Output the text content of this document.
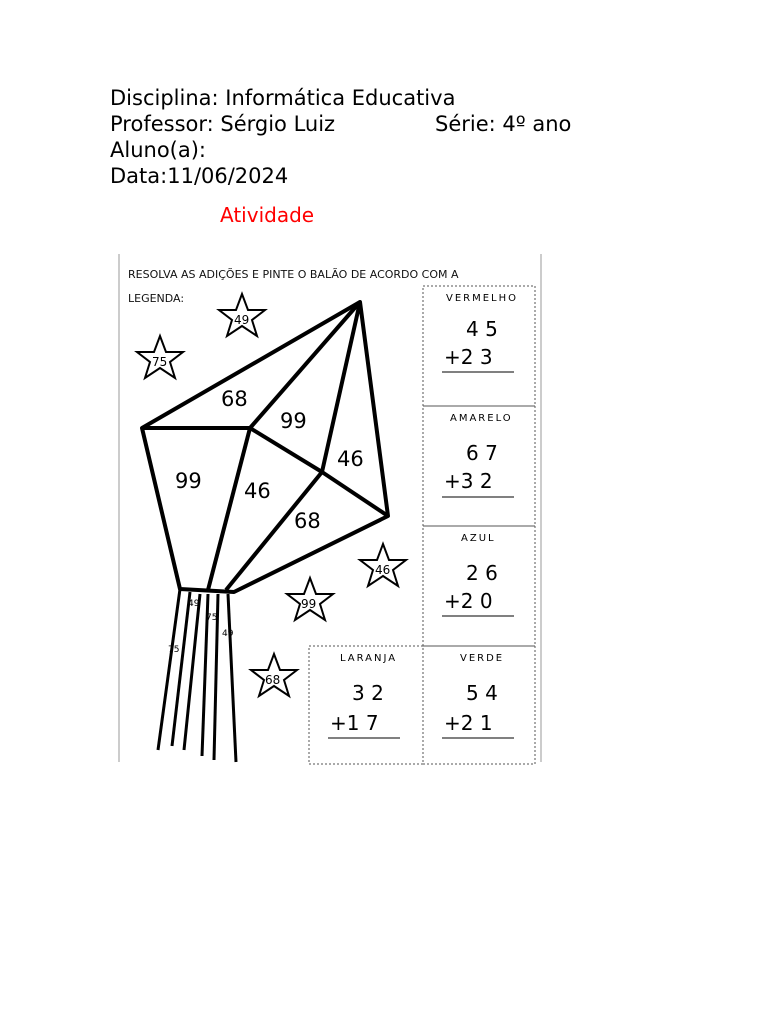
Disciplina: Informática Educativa
Professor: Sérgio Luiz	Série: 4º ano
Aluno(a):
Data:11/06/2024
Atividade
RESOLVA AS ADIÇÕES E PINTE O BALÃO DE ACORDO COM A
LEGENDA:
68
99
46
99 46
68
49
75
46
99
68
49
75
49
75
VERMELHO
4 5
+2 3
AMARELO
6 7
+3 2
AZUL
2 6
+2 0
LARANJA
3 2
+1 7
VERDE
5 4
+2 1
